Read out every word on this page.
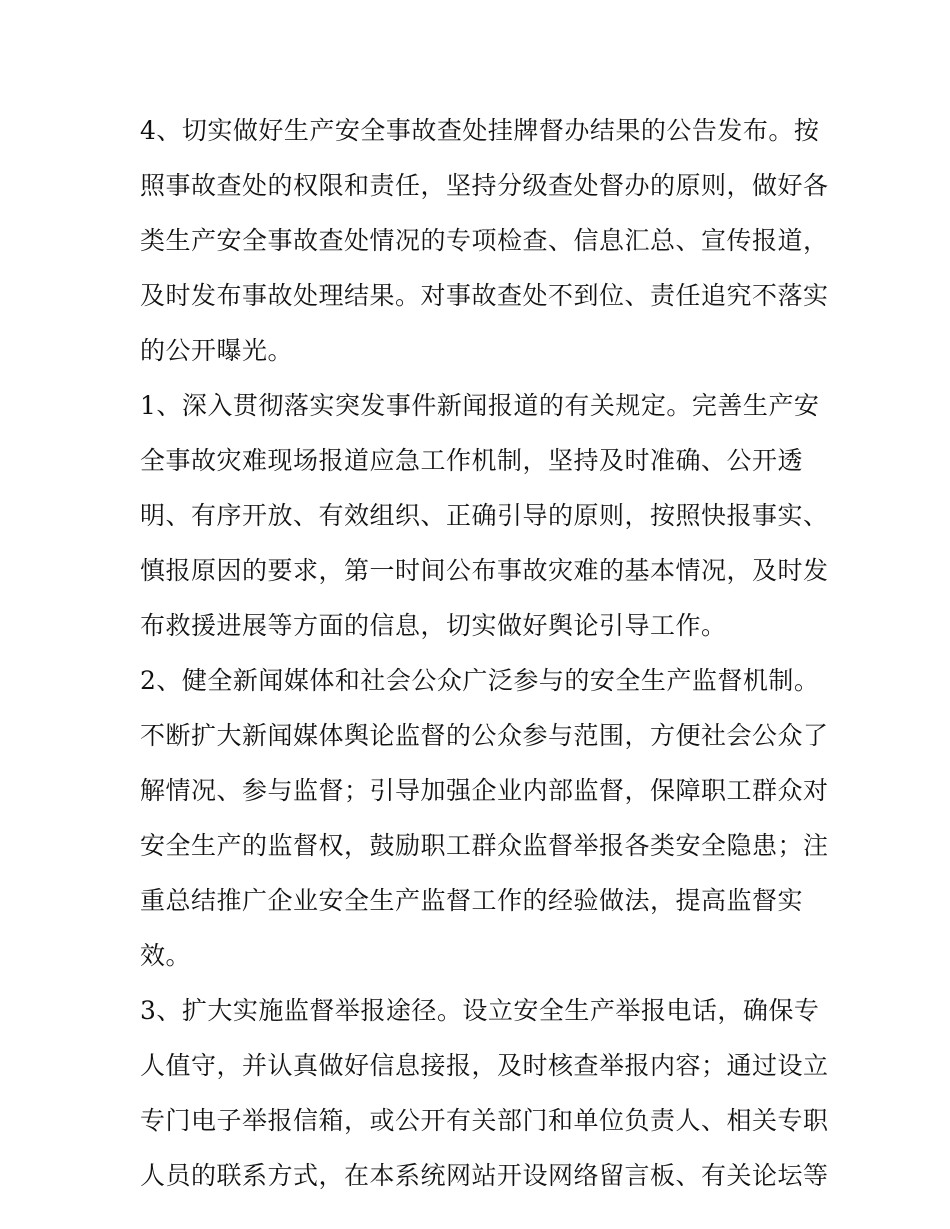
4、切实做好生产安全事故查处挂牌督办结果的公告发布。按
照事故查处的权限和责任，坚持分级查处督办的原则，做好各
类生产安全事故查处情况的专项检查、信息汇总、宣传报道，
及时发布事故处理结果。对事故查处不到位、责任追究不落实
的公开曝光。
1、深入贯彻落实突发事件新闻报道的有关规定。完善生产安
全事故灾难现场报道应急工作机制，坚持及时准确、公开透
明、有序开放、有效组织、正确引导的原则，按照快报事实、
慎报原因的要求，第一时间公布事故灾难的基本情况，及时发
布救援进展等方面的信息，切实做好舆论引导工作。
2、健全新闻媒体和社会公众广泛参与的安全生产监督机制。
不断扩大新闻媒体舆论监督的公众参与范围，方便社会公众了
解情况、参与监督；引导加强企业内部监督，保障职工群众对
安全生产的监督权，鼓励职工群众监督举报各类安全隐患；注
重总结推广企业安全生产监督工作的经验做法，提高监督实
效。
3、扩大实施监督举报途径。设立安全生产举报电话，确保专
人值守，并认真做好信息接报，及时核查举报内容；通过设立
专门电子举报信箱，或公开有关部门和单位负责人、相关专职
人员的联系方式，在本系统网站开设网络留言板、有关论坛等
